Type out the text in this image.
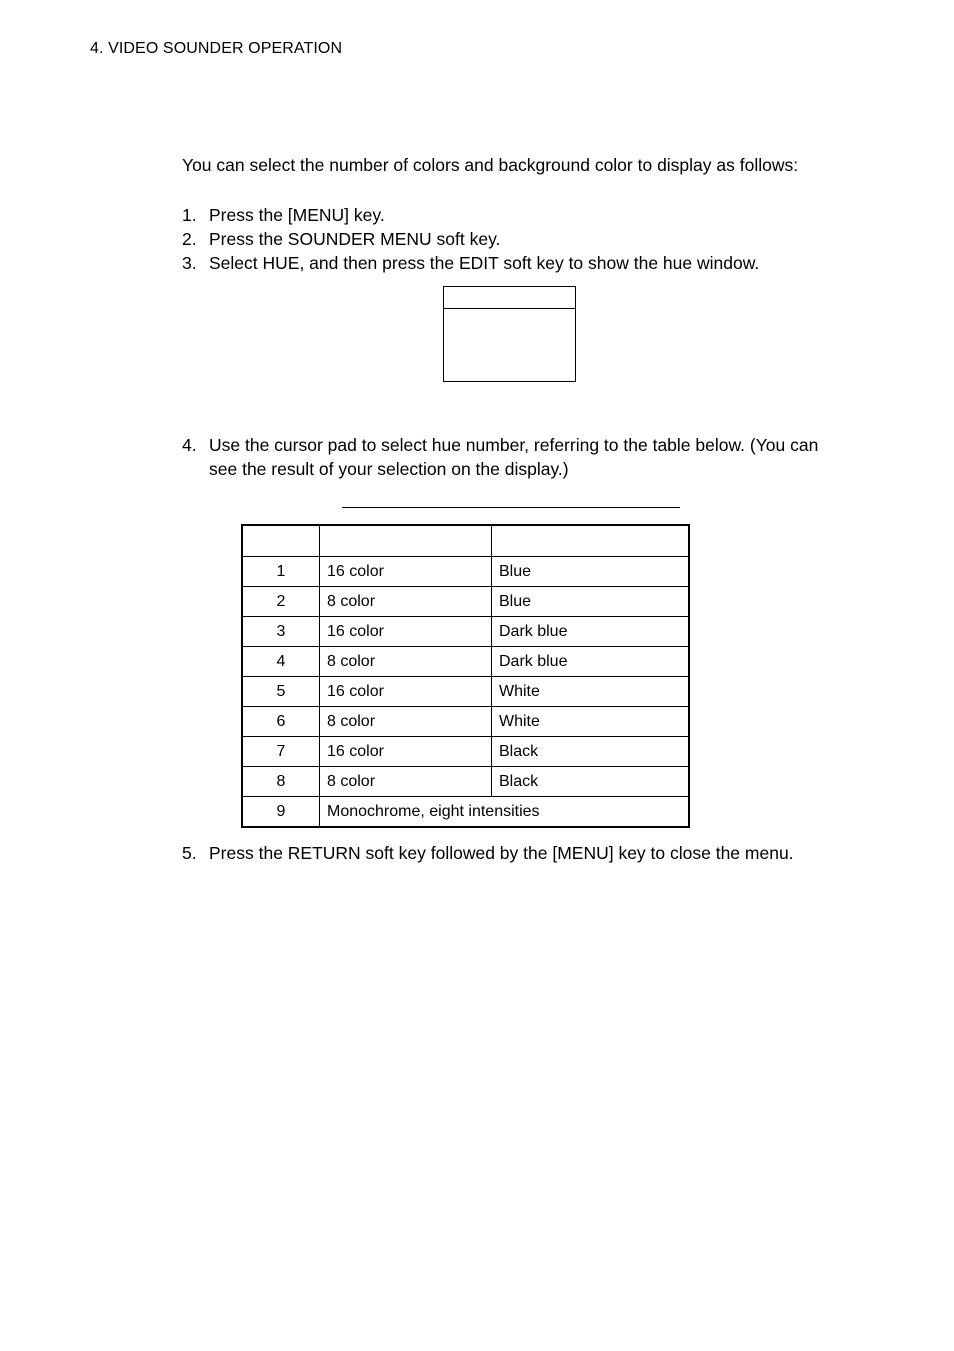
4. VIDEO SOUNDER OPERATION
You can select the number of colors and background color to display as follows:
1. Press the [MENU] key.
2. Press the SOUNDER MENU soft key.
3. Select HUE, and then press the EDIT soft key to show the hue window.
4. Use the cursor pad to select hue number, referring to the table below. (You can see the result of your selection on the display.)

1	16 color	Blue
2	8 color	Blue
3	16 color	Dark blue
4	8 color	Dark blue
5	16 color	White
6	8 color	White
7	16 color	Black
8	8 color	Black
9	Monochrome, eight intensities	
5. Press the RETURN soft key followed by the [MENU] key to close the menu.
